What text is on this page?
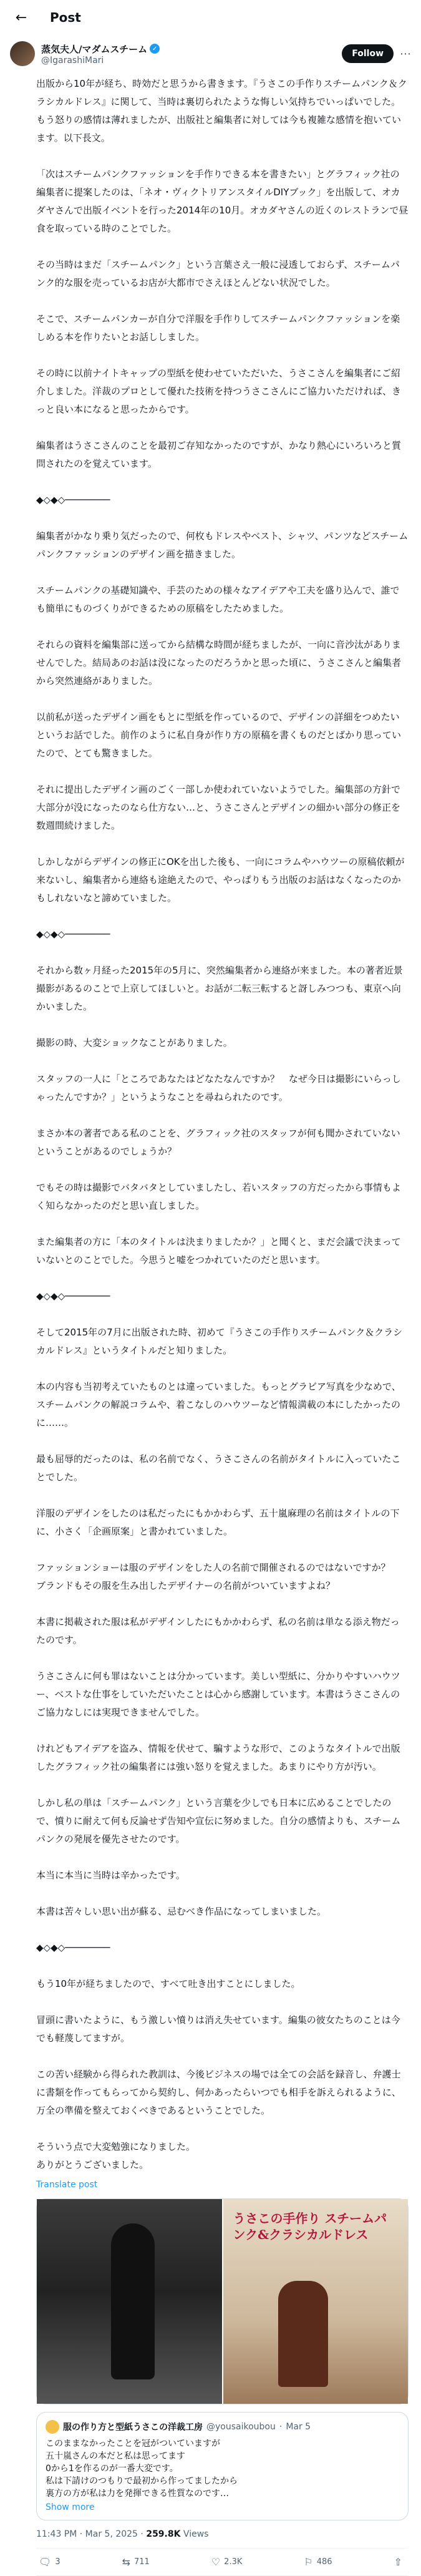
←	Post
蒸気夫人/マダムスチーム ✓
@IgarashiMari
Follow	⋯
出版から10年が経ち、時効だと思うから書きます。『うさこの手作りスチームパンク＆クラシカルドレス』に関して、当時は裏切られたような悔しい気持ちでいっぱいでした。もう怒りの感情は薄れましたが、出版社と編集者に対しては今も複雑な感情を抱いています。以下長文。
「次はスチームパンクファッションを手作りできる本を書きたい」とグラフィック社の編集者に提案したのは、「ネオ・ヴィクトリアンスタイルDIYブック」を出版して、オカダヤさんで出版イベントを行った2014年の10月。オカダヤさんの近くのレストランで昼食を取っている時のことでした。
その当時はまだ「スチームパンク」という言葉さえ一般に浸透しておらず、スチームパンク的な服を売っているお店が大都市でさえほとんどない状況でした。
そこで、スチームパンカーが自分で洋服を手作りしてスチームパンクファッションを楽しめる本を作りたいとお話ししました。
その時に以前ナイトキャップの型紙を使わせていただいた、うさこさんを編集者にご紹介しました。洋裁のプロとして優れた技術を持つうさこさんにご協力いただければ、きっと良い本になると思ったからです。
編集者はうさこさんのことを最初ご存知なかったのですが、かなり熱心にいろいろと質問されたのを覚えています。
◆◇◆◇────────
編集者がかなり乗り気だったので、何枚もドレスやベスト、シャツ、パンツなどスチームパンクファッションのデザイン画を描きました。
スチームパンクの基礎知識や、手芸のための様々なアイデアや工夫を盛り込んで、誰でも簡単にものづくりができるための原稿をしたためました。
それらの資料を編集部に送ってから結構な時間が経ちましたが、一向に音沙汰がありませんでした。結局あのお話は没になったのだろうかと思った頃に、うさこさんと編集者から突然連絡がありました。
以前私が送ったデザイン画をもとに型紙を作っているので、デザインの詳細をつめたいというお話でした。前作のように私自身が作り方の原稿を書くものだとばかり思っていたので、とても驚きました。
それに提出したデザイン画のごく一部しか使われていないようでした。編集部の方針で大部分が没になったのなら仕方ない…と、うさこさんとデザインの細かい部分の修正を数週間続けました。
しかしながらデザインの修正にOKを出した後も、一向にコラムやハウツーの原稿依頼が来ないし、編集者から連絡も途絶えたので、やっぱりもう出版のお話はなくなったのかもしれないなと諦めていました。
◆◇◆◇────────
それから数ヶ月経った2015年の5月に、突然編集者から連絡が来ました。本の著者近景撮影があるのことで上京してほしいと。お話が二転三転すると訝しみつつも、東京へ向かいました。
撮影の時、大変ショックなことがありました。
スタッフの一人に「ところであなたはどなたなんですか？　なぜ今日は撮影にいらっしゃったんですか？」というようなことを尋ねられたのです。
まさか本の著者である私のことを、グラフィック社のスタッフが何も聞かされていないということがあるのでしょうか？
でもその時は撮影でバタバタとしていましたし、若いスタッフの方だったから事情もよく知らなかったのだと思い直しました。
また編集者の方に「本のタイトルは決まりましたか？」と聞くと、まだ会議で決まっていないとのことでした。今思うと嘘をつかれていたのだと思います。
◆◇◆◇────────
そして2015年の7月に出版された時、初めて『うさこの手作りスチームパンク＆クラシカルドレス』というタイトルだと知りました。
本の内容も当初考えていたものとは違っていました。もっとグラビア写真を少なめで、スチームパンクの解説コラムや、着こなしのハウツーなど情報満載の本にしたかったのに……。
最も屈辱的だったのは、私の名前でなく、うさこさんの名前がタイトルに入っていたことでした。
洋服のデザインをしたのは私だったにもかかわらず、五十嵐麻理の名前はタイトルの下に、小さく「企画原案」と書かれていました。
ファッションショーは服のデザインをした人の名前で開催されるのではないですか？　ブランドもその服を生み出したデザイナーの名前がついていますよね？
本書に掲載された服は私がデザインしたにもかかわらず、私の名前は単なる添え物だったのです。
うさこさんに何も罪はないことは分かっています。美しい型紙に、分かりやすいハウツー、ベストな仕事をしていただいたことは心から感謝しています。本書はうさこさんのご協力なしには実現できませんでした。
けれどもアイデアを盗み、情報を伏せて、騙すような形で、このようなタイトルで出版したグラフィック社の編集者には強い怒りを覚えました。あまりにやり方が汚い。
しかし私の単は「スチームパンク」という言葉を少しでも日本に広めることでしたので、憤りに耐えて何も反論せず告知や宣伝に努めました。自分の感情よりも、スチームパンクの発展を優先させたのです。
本当に本当に当時は辛かったです。
本書は苦々しい思い出が蘇る、忌むべき作品になってしまいました。
◆◇◆◇────────
もう10年が経ちましたので、すべて吐き出すことにしました。
冒頭に書いたように、もう激しい憤りは消え失せています。編集の彼女たちのことは今でも軽蔑してますが。
この苦い経験から得られた教訓は、今後ビジネスの場では全ての会話を録音し、弁護士に書類を作ってもらってから契約し、何かあったらいつでも相手を訴えられるように、万全の準備を整えておくべきであるということでした。
そういう点で大変勉強になりました。
ありがとうございました。
Translate post
うさこの手作り スチームパンク&クラシカルドレス
服の作り方と型紙うさこの洋裁工房 @yousaikoubou · Mar 5
このままなかったことを冠がついていますが
五十嵐さんの本だと私は思ってます
0から1を作るのが一番大変です。
私は下請けのつもりで最初から作ってましたから
裏方の方が私は力を発揮できる性質なのです…
Show more
11:43 PM · Mar 5, 2025 · 259.8K Views
🗨 3	⇆ 711	♡ 2.3K	⚐ 486	⇧
